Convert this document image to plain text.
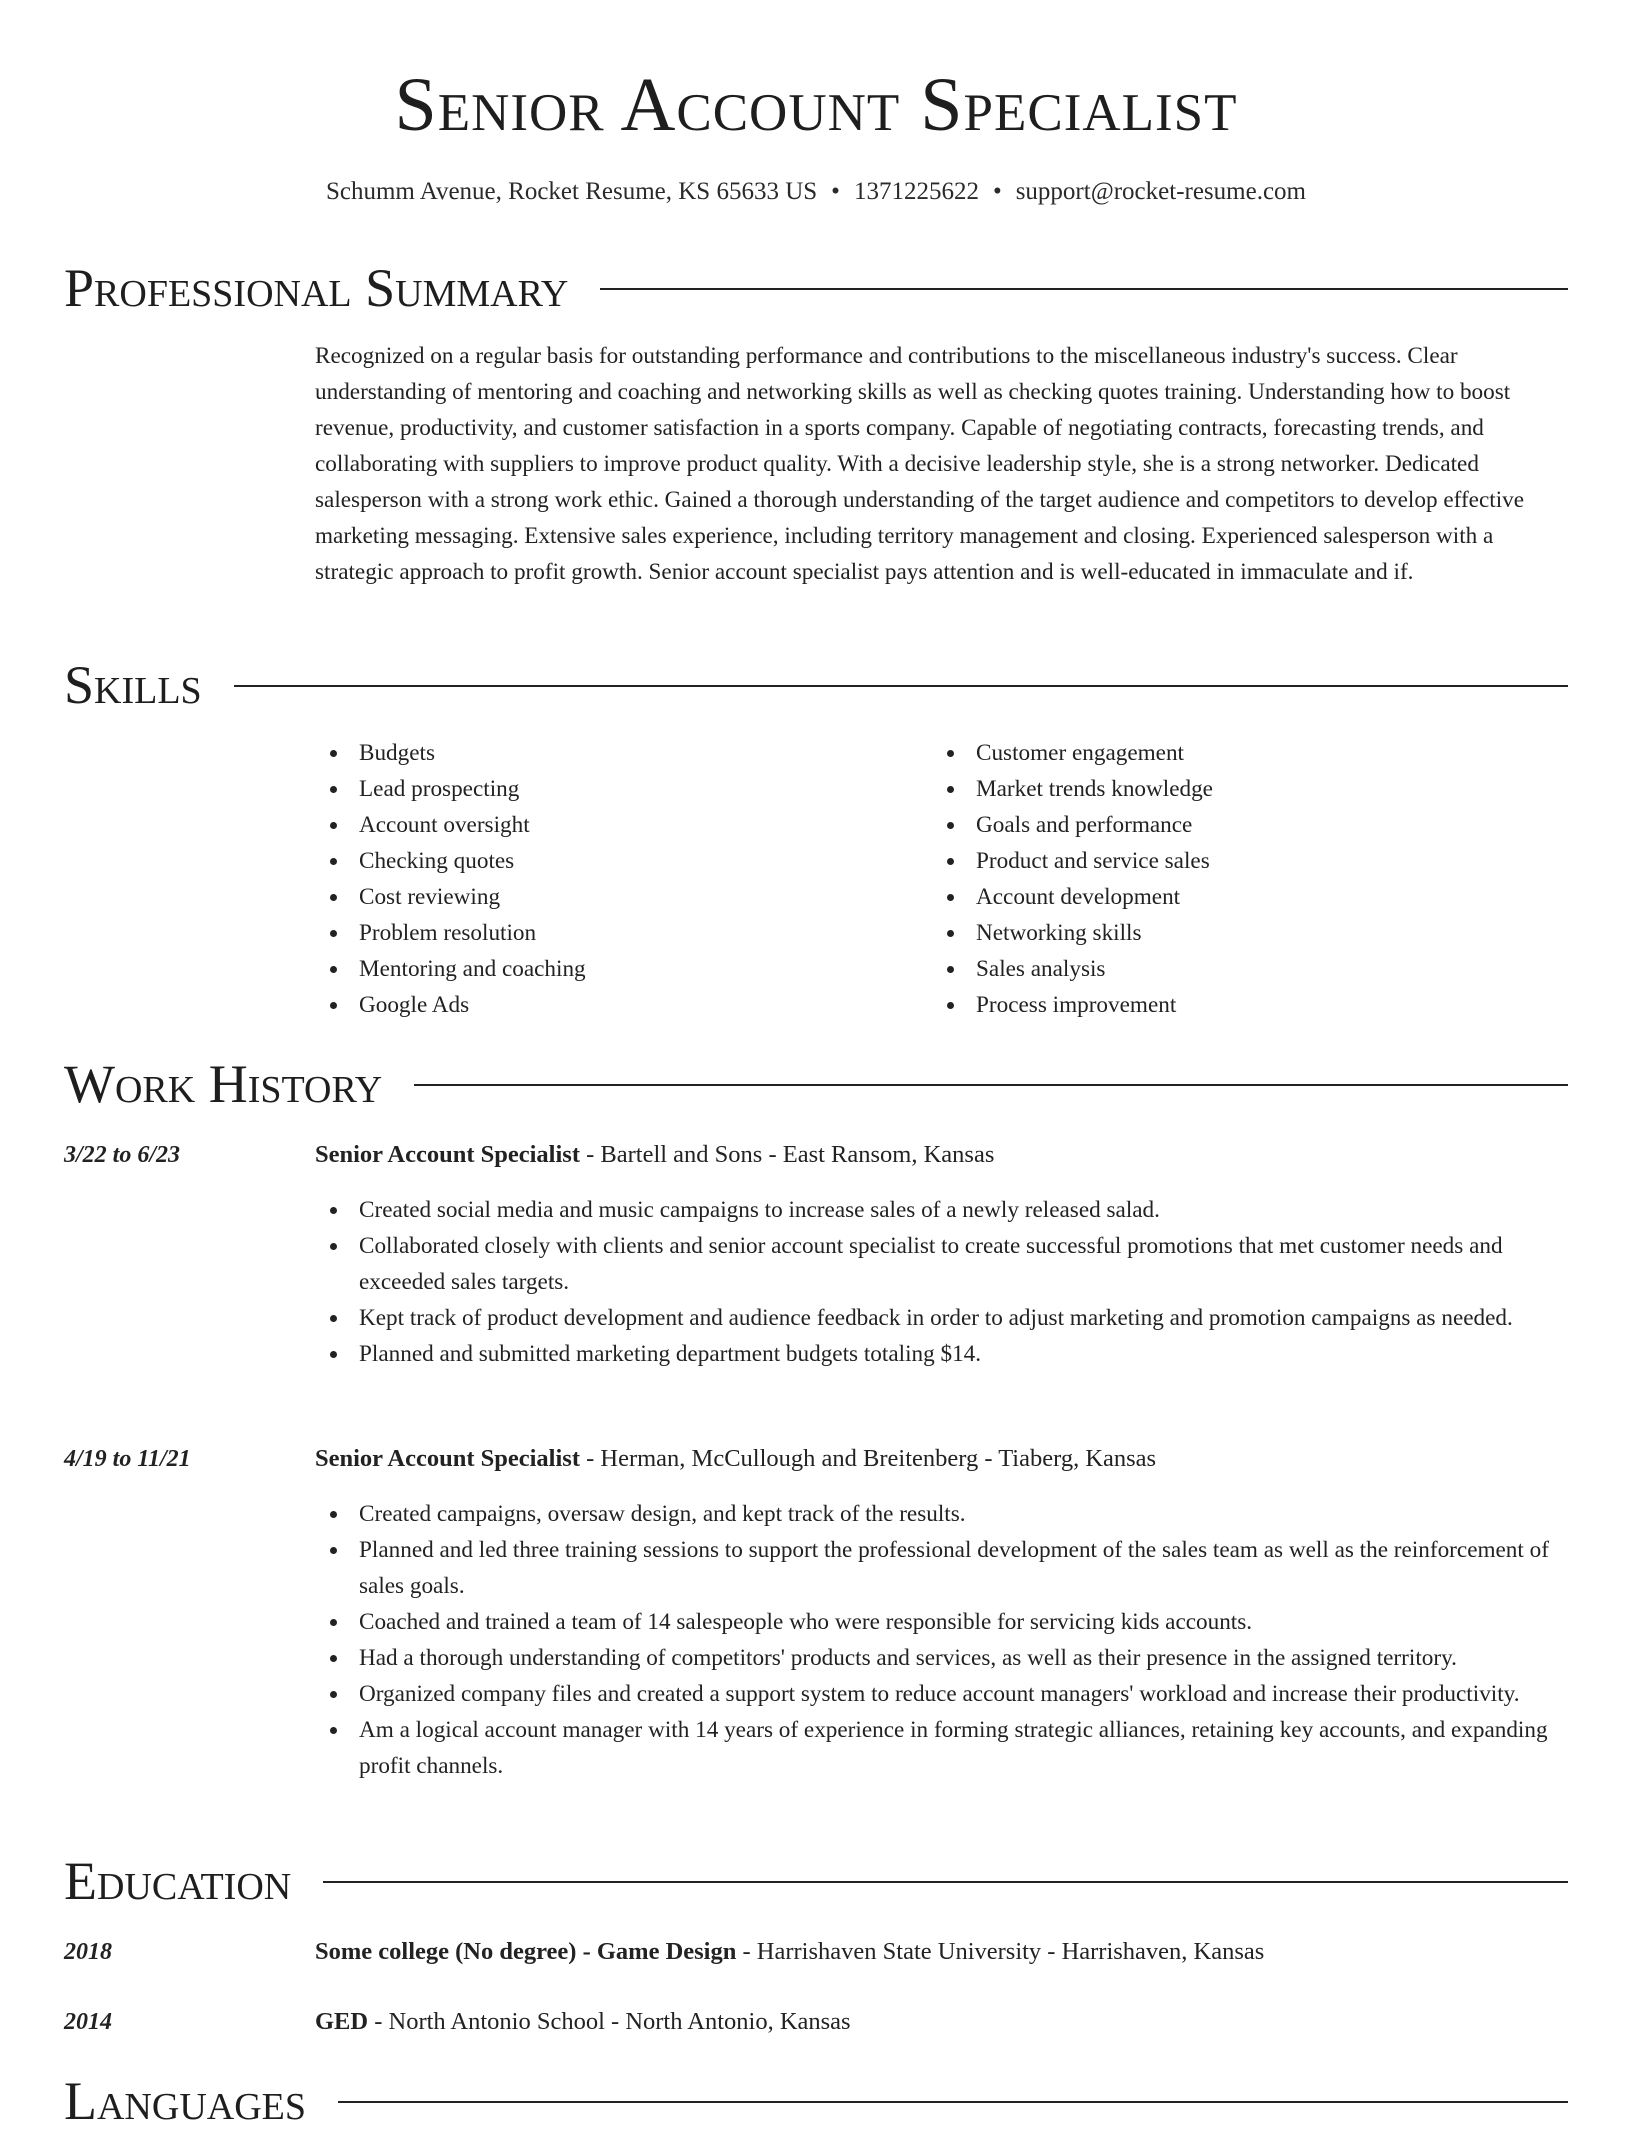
Senior Account Specialist
Schumm Avenue, Rocket Resume, KS 65633 US • 1371225622 • support@rocket-resume.com
Professional Summary

Recognized on a regular basis for outstanding performance and contributions to the miscellaneous industry's success. Clear understanding of mentoring and coaching and networking skills as well as checking quotes training. Understanding how to boost revenue, productivity, and customer satisfaction in a sports company. Capable of negotiating contracts, forecasting trends, and collaborating with suppliers to improve product quality. With a decisive leadership style, she is a strong networker. Dedicated salesperson with a strong work ethic. Gained a thorough understanding of the target audience and competitors to develop effective marketing messaging. Extensive sales experience, including territory management and closing. Experienced salesperson with a strategic approach to profit growth. Senior account specialist pays attention and is well-educated in immaculate and if.

Skills
Budgets
Lead prospecting
Account oversight
Checking quotes
Cost reviewing
Problem resolution
Mentoring and coaching
Google Ads
Customer engagement
Market trends knowledge
Goals and performance
Product and service sales
Account development
Networking skills
Sales analysis
Process improvement
Work History
3/22 to 6/23	Senior Account Specialist - Bartell and Sons - East Ransom, Kansas
Created social media and music campaigns to increase sales of a newly released salad.
Collaborated closely with clients and senior account specialist to create successful promotions that met customer needs and exceeded sales targets.
Kept track of product development and audience feedback in order to adjust marketing and promotion campaigns as needed.
Planned and submitted marketing department budgets totaling $14.
4/19 to 11/21	Senior Account Specialist - Herman, McCullough and Breitenberg - Tiaberg, Kansas
Created campaigns, oversaw design, and kept track of the results.
Planned and led three training sessions to support the professional development of the sales team as well as the reinforcement of sales goals.
Coached and trained a team of 14 salespeople who were responsible for servicing kids accounts.
Had a thorough understanding of competitors' products and services, as well as their presence in the assigned territory.
Organized company files and created a support system to reduce account managers' workload and increase their productivity.
Am a logical account manager with 14 years of experience in forming strategic alliances, retaining key accounts, and expanding profit channels.
Education
2018	Some college (No degree) - Game Design - Harrishaven State University - Harrishaven, Kansas
2014	GED - North Antonio School - North Antonio, Kansas
Languages
